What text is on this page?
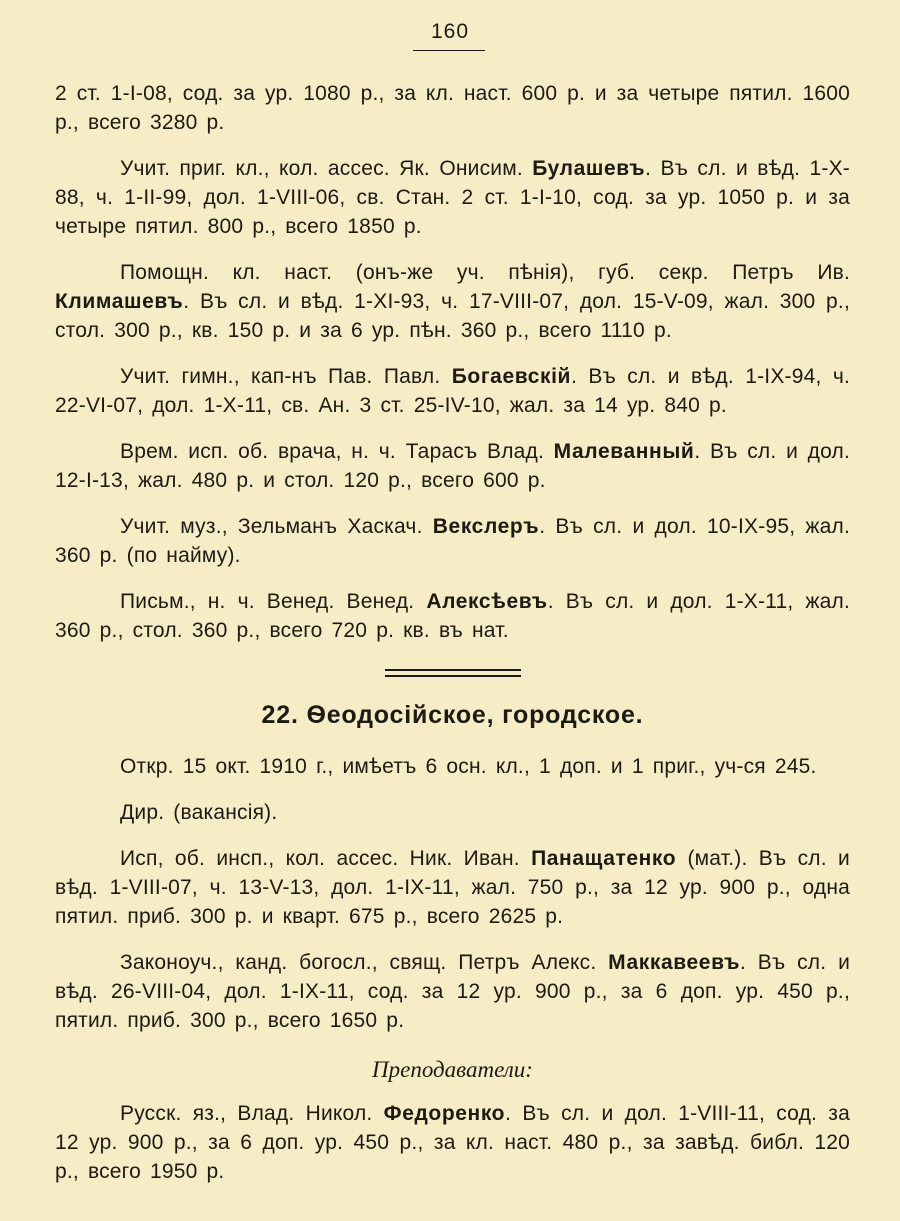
160

2 ст. 1-I-08, сод. за ур. 1080 р., за кл. наст. 600 р. и за четыре пятил. 1600 р., всего 3280 р.

Учит. приг. кл., кол. ассес. Як. Онисим. Булашевъ. Въ сл. и вѣд. 1-X-88, ч. 1-II-99, дол. 1-VIII-06, св. Стан. 2 ст. 1-I-10, сод. за ур. 1050 р. и за четыре пятил. 800 р., всего 1850 р.

Помощн. кл. наст. (онъ-же уч. пѣнія), губ. секр. Петръ Ив. Климашевъ. Въ сл. и вѣд. 1-XI-93, ч. 17-VIII-07, дол. 15-V-09, жал. 300 р., стол. 300 р., кв. 150 р. и за 6 ур. пѣн. 360 р., всего 1110 р.

Учит. гимн., кап-нъ Пав. Павл. Богаевскій. Въ сл. и вѣд. 1-IX-94, ч. 22-VI-07, дол. 1-X-11, св. Ан. 3 ст. 25-IV-10, жал. за 14 ур. 840 р.

Врем. исп. об. врача, н. ч. Тарасъ Влад. Малеванный. Въ сл. и дол. 12-I-13, жал. 480 р. и стол. 120 р., всего 600 р.

Учит. муз., Зельманъ Хаскач. Векслеръ. Въ сл. и дол. 10-IX-95, жал. 360 р. (по найму).

Письм., н. ч. Венед. Венед. Алексѣевъ. Въ сл. и дол. 1-X-11, жал. 360 р., стол. 360 р., всего 720 р. кв. въ нат.

22. Ѳеодосійское, городское.

Откр. 15 окт. 1910 г., имѣетъ 6 осн. кл., 1 доп. и 1 приг., уч-ся 245.

Дир. (вакансія).

Исп, об. инсп., кол. ассес. Ник. Иван. Панащатенко (мат.). Въ сл. и вѣд. 1-VIII-07, ч. 13-V-13, дол. 1-IX-11, жал. 750 р., за 12 ур. 900 р., одна пятил. приб. 300 р. и кварт. 675 р., всего 2625 р.

Законоуч., канд. богосл., свящ. Петръ Алекс. Маккавеевъ. Въ сл. и вѣд. 26-VIII-04, дол. 1-IX-11, сод. за 12 ур. 900 р., за 6 доп. ур. 450 р., пятил. приб. 300 р., всего 1650 р.

Преподаватели:

Русск. яз., Влад. Никол. Федоренко. Въ сл. и дол. 1-VIII-11, сод. за 12 ур. 900 р., за 6 доп. ур. 450 р., за кл. наст. 480 р., за завѣд. библ. 120 р., всего 1950 р.
